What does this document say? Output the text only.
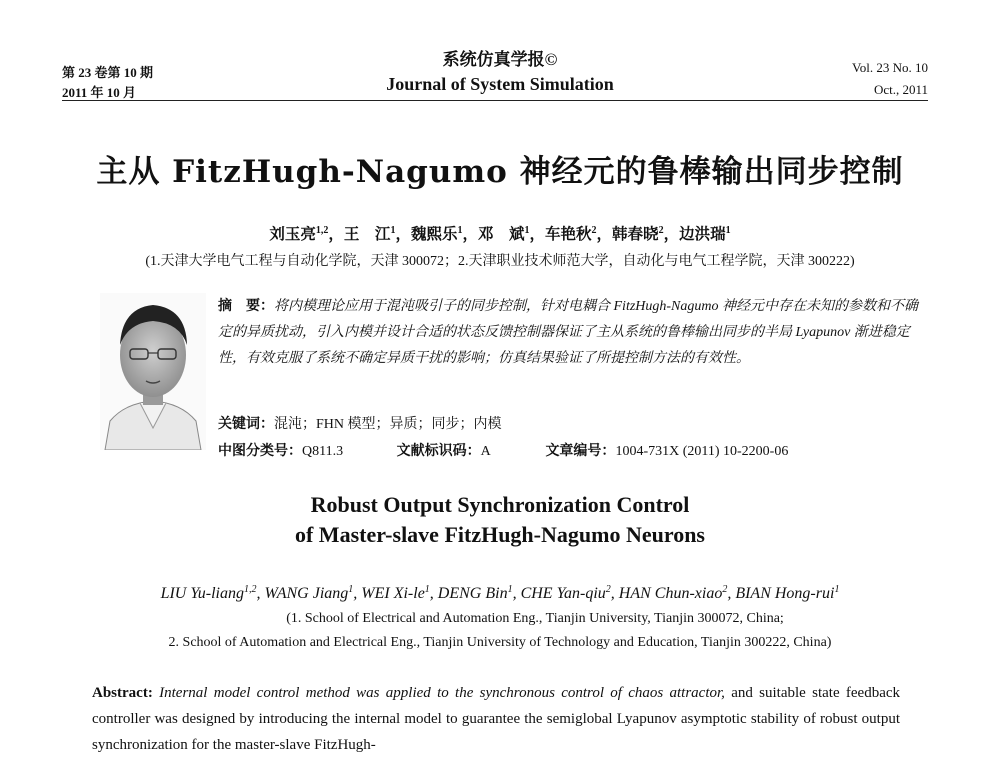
第 23 卷第 10 期
2011 年 10 月
系统仿真学报©
Journal of System Simulation
Vol. 23 No. 10
Oct., 2011
主从 FitzHugh-Nagumo 神经元的鲁棒输出同步控制
刘玉亮$^{1,2}$，王　江$^1$，魏熙乐$^1$，邓　斌$^1$，车艳秋$^2$，韩春晓$^2$，边洪瑞$^1$
(1.天津大学电气工程与自动化学院，天津 300072；2.天津职业技术师范大学，自动化与电气工程学院，天津 300222)
摘　要：将内模理论应用于混沌吸引子的同步控制，针对电耦合 FitzHugh-Nagumo 神经元中存在未知的参数和不确定的异质扰动，引入内模并设计合适的状态反馈控制器保证了主从系统的鲁棒输出同步的半局 Lyapunov 渐进稳定性，有效克服了系统不确定异质干扰的影响；仿真结果验证了所提控制方法的有效性。
关键词：混沌；FHN 模型；异质；同步；内模
中图分类号：Q811.3	文献标识码：A	文章编号：1004-731X (2011) 10-2200-06
Robust Output Synchronization Control
of Master-slave FitzHugh-Nagumo Neurons
LIU Yu-liang$^{1,2}$, WANG Jiang$^1$, WEI $Xi-le^1$, DENG Bin$^1$, CHE Yan-qiu$^2$, HAN Chun-xiao$^2$, BIAN Hong-rui$^1$
(1. School of Electrical and Automation Eng., Tianjin University, Tianjin 300072, China;
2. School of Automation and Electrical Eng., Tianjin University of Technology and Education, Tianjin 300222, China)
Abstract: Internal model control method was applied to the synchronous control of chaos attractor, and suitable state feedback controller was designed by introducing the internal model to guarantee the semiglobal Lyapunov asymptotic stability of robust output synchronization for the master-slave FitzHugh-
